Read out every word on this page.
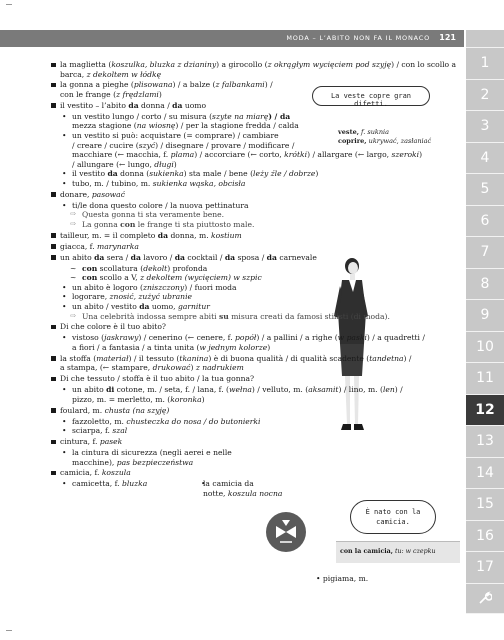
MODA – L’ABITO NON FA IL MONACO 121
1
2
3
4
5
6
7
8
9
10
11
12
13
14
15
16
17
La veste copre gran difetti.
veste, f. suknia
coprire, ukrywać, zasłaniać
la maglietta (koszulka, bluzka z dzianiny) a girocollo (z okrągłym wycięciem pod szyję) / con lo scollo a barca, z dekoltem w łódkę
la gonna a pieghe (plisowana) / a balze (z falbankami) /
con le frange (z frędzlami)
il vestito – l’abito da donna / da uomo
• un vestito lungo / corto / su misura (szyte na miarę) / da
mezza stagione (na wiosnę) / per la stagione fredda / calda
• un vestito si può: acquistare (= comprare) / cambiare
/ creare / cucire (szyć) / disegnare / provare / modificare /
macchiare (← macchia, f. plama) / accorciare (← corto, krótki) / allargare (← largo, szeroki)
/ allungare (← lungo, długi)
• il vestito da donna (sukienka) sta male / bene (leży źle / dobrze)
• tubo, m. / tubino, m. sukienka wąska, obcisła
donare, pasować
• ti/le dona questo colore / la nuova pettinatura
⇨ Questa gonna ti sta veramente bene.
⇨ La gonna con le frange ti sta piuttosto male.
tailleur, m. = il completo da donna, m. kostium
giacca, f. marynarka
un abito da sera / da lavoro / da cocktail / da sposa / da carnevale
~ con scollatura (dekolt) profonda
~ con scollo a V, z dekoltem (wycięciem) w szpic
• un abito è logoro (zniszczony) / fuori moda
• logorare, znosić, zużyć ubranie
• un abito / vestito da uomo, garnitur
⇨ Una celebrità indossa sempre abiti su misura creati da famosi stilisti (di moda).
Di che colore è il tuo abito?
• vistoso (jaskrawy) / cenerino (← cenere, f. popół) / a pallini / a righe (w paski) / a quadretti /
a fiori / a fantasia / a tinta unita (w jednym kolorze)
la stoffa (materiał) / il tessuto (tkanina) è di buona qualità / di qualità scadente (tandetna) /
a stampa, (← stampare, drukować) z nadrukiem
Di che tessuto / stoffa è il tuo abito / la tua gonna?
• un abito di cotone, m. / seta, f. / lana, f. (wełna) / velluto, m. (aksamit) / lino, m. (len) /
pizzo, m. = merletto, m. (koronka)
foulard, m. chusta (na szyję)
• fazzoletto, m. chusteczka do nosa / do butonierki
• sciarpa, f. szal
cintura, f. pasek
• la cintura di sicurezza (negli aerei e nelle
macchine), pas bezpieczeństwa
camicia, f. koszula
• camicetta, f. bluzka
•	la camicia da
notte, koszula nocna
È nato con la camicia.
con la camicia, tu: w czepku
• pigiama, m.
